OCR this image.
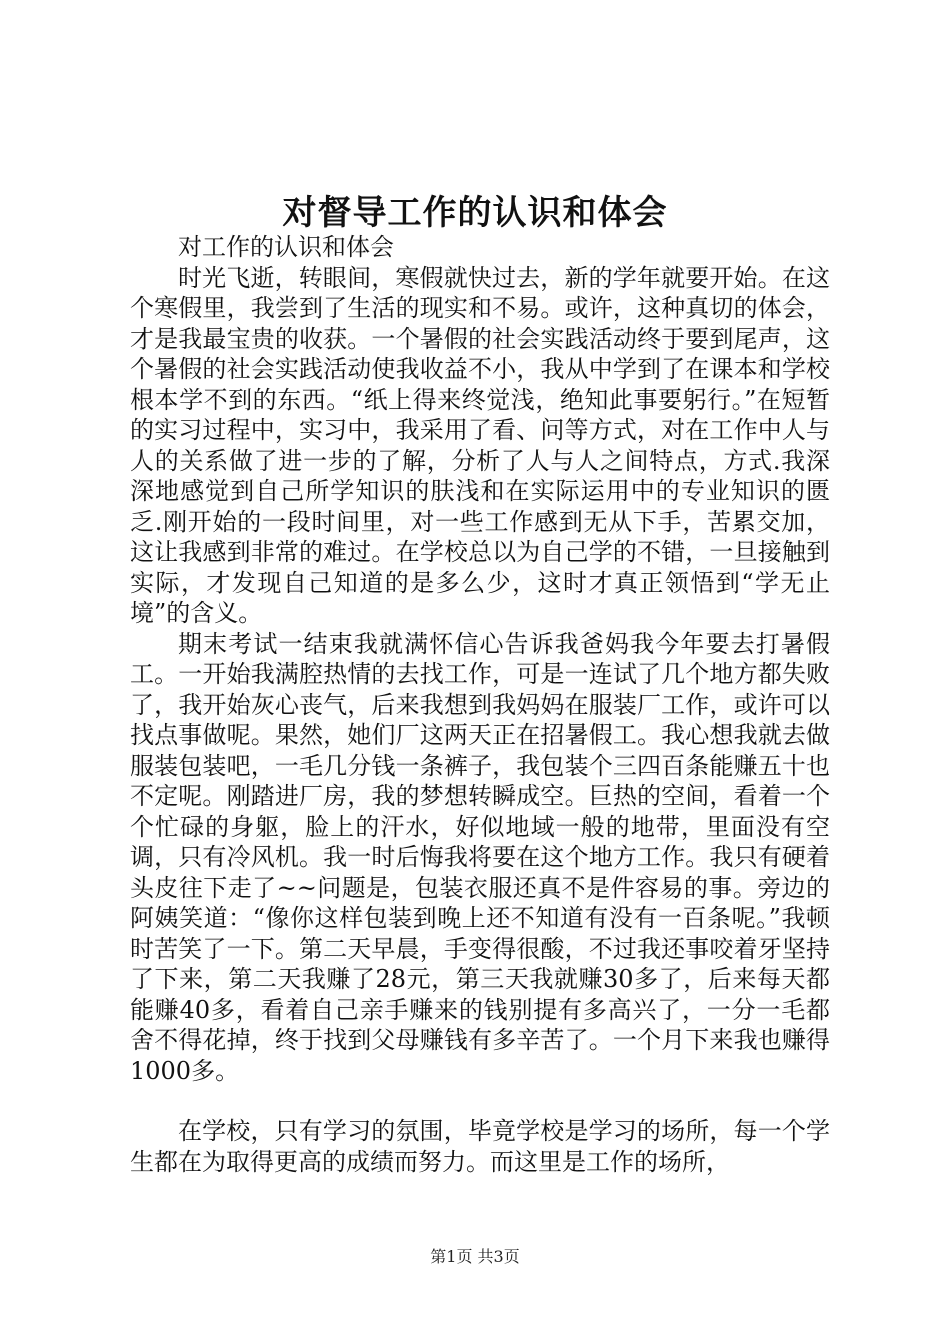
对督导工作的认识和体会

对工作的认识和体会

时光飞逝，转眼间，寒假就快过去，新的学年就要开始。在这个寒假里，我尝到了生活的现实和不易。或许，这种真切的体会，才是我最宝贵的收获。一个暑假的社会实践活动终于要到尾声，这个暑假的社会实践活动使我收益不小，我从中学到了在课本和学校根本学不到的东西。“纸上得来终觉浅，绝知此事要躬行。”在短暂的实习过程中，实习中，我采用了看、问等方式，对在工作中人与人的关系做了进一步的了解，分析了人与人之间特点，方式.我深深地感觉到自己所学知识的肤浅和在实际运用中的专业知识的匮乏.刚开始的一段时间里，对一些工作感到无从下手，苦累交加，这让我感到非常的难过。在学校总以为自己学的不错，一旦接触到实际，才发现自己知道的是多么少，这时才真正领悟到“学无止境”的含义。

期末考试一结束我就满怀信心告诉我爸妈我今年要去打暑假工。一开始我满腔热情的去找工作，可是一连试了几个地方都失败了，我开始灰心丧气，后来我想到我妈妈在服装厂工作，或许可以找点事做呢。果然，她们厂这两天正在招暑假工。我心想我就去做服装包装吧，一毛几分钱一条裤子，我包装个三四百条能赚五十也不定呢。刚踏进厂房，我的梦想转瞬成空。巨热的空间，看着一个个忙碌的身躯，脸上的汗水，好似地域一般的地带，里面没有空调，只有冷风机。我一时后悔我将要在这个地方工作。我只有硬着头皮往下走了~~问题是，包装衣服还真不是件容易的事。旁边的阿姨笑道：“像你这样包装到晚上还不知道有没有一百条呢。”我顿时苦笑了一下。第二天早晨，手变得很酸，不过我还事咬着牙坚持了下来，第二天我赚了28元，第三天我就赚30多了，后来每天都能赚40多，看着自己亲手赚来的钱别提有多高兴了，一分一毛都舍不得花掉，终于找到父母赚钱有多辛苦了。一个月下来我也赚得1000多。

在学校，只有学习的氛围，毕竟学校是学习的场所，每一个学生都在为取得更高的成绩而努力。而这里是工作的场所，

第1页 共3页
